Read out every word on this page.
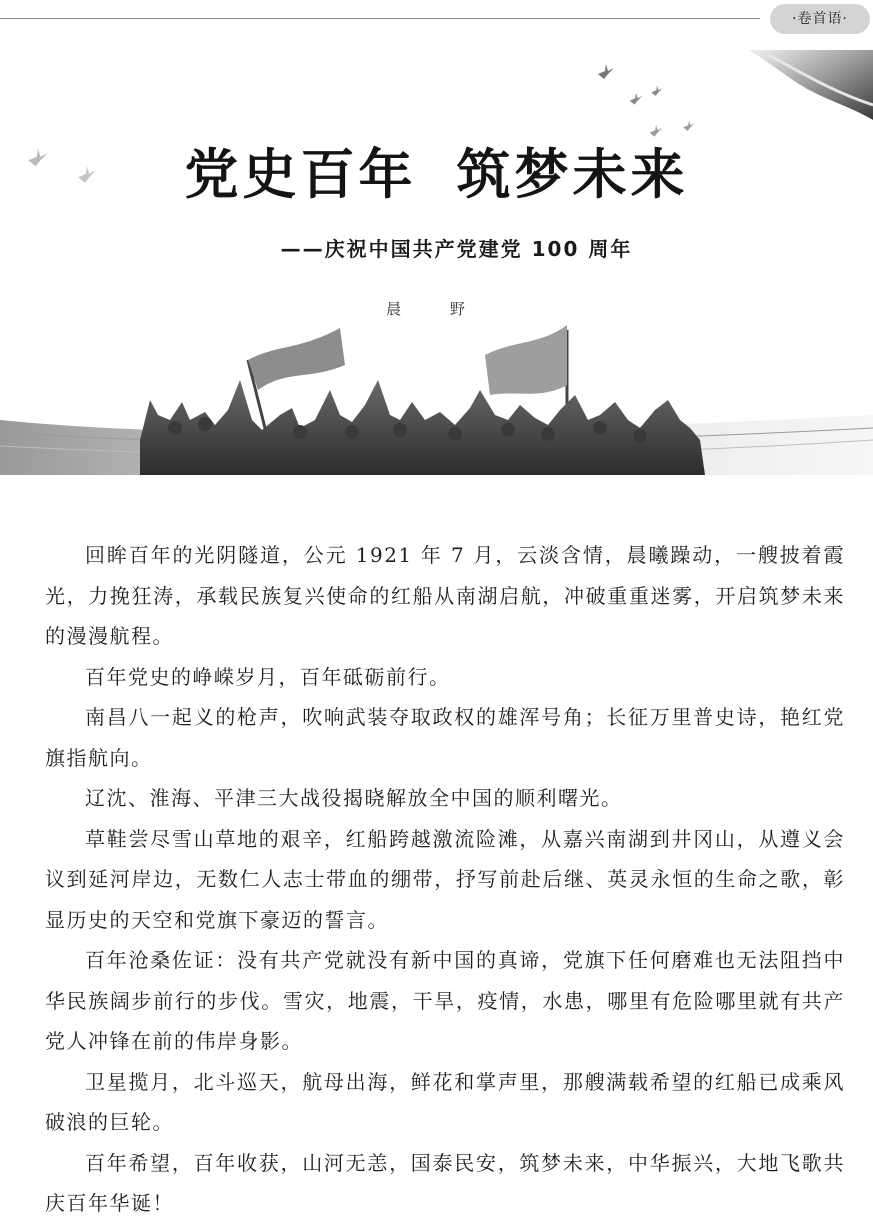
·卷首语·
党史百年 筑梦未来
——庆祝中国共产党建党 100 周年
晨 野

回眸百年的光阴隧道，公元 1921 年 7 月，云淡含情，晨曦躁动，一艘披着霞光，力挽狂涛，承载民族复兴使命的红船从南湖启航，冲破重重迷雾，开启筑梦未来的漫漫航程。

百年党史的峥嵘岁月，百年砥砺前行。

南昌八一起义的枪声，吹响武装夺取政权的雄浑号角；长征万里普史诗，艳红党旗指航向。

辽沈、淮海、平津三大战役揭晓解放全中国的顺利曙光。

草鞋尝尽雪山草地的艰辛，红船跨越激流险滩，从嘉兴南湖到井冈山，从遵义会议到延河岸边，无数仁人志士带血的绷带，抒写前赴后继、英灵永恒的生命之歌，彰显历史的天空和党旗下豪迈的誓言。

百年沧桑佐证：没有共产党就没有新中国的真谛，党旗下任何磨难也无法阻挡中华民族阔步前行的步伐。雪灾，地震，干旱，疫情，水患，哪里有危险哪里就有共产党人冲锋在前的伟岸身影。

卫星揽月，北斗巡天，航母出海，鲜花和掌声里，那艘满载希望的红船已成乘风破浪的巨轮。

百年希望，百年收获，山河无恙，国泰民安，筑梦未来，中华振兴，大地飞歌共庆百年华诞！
